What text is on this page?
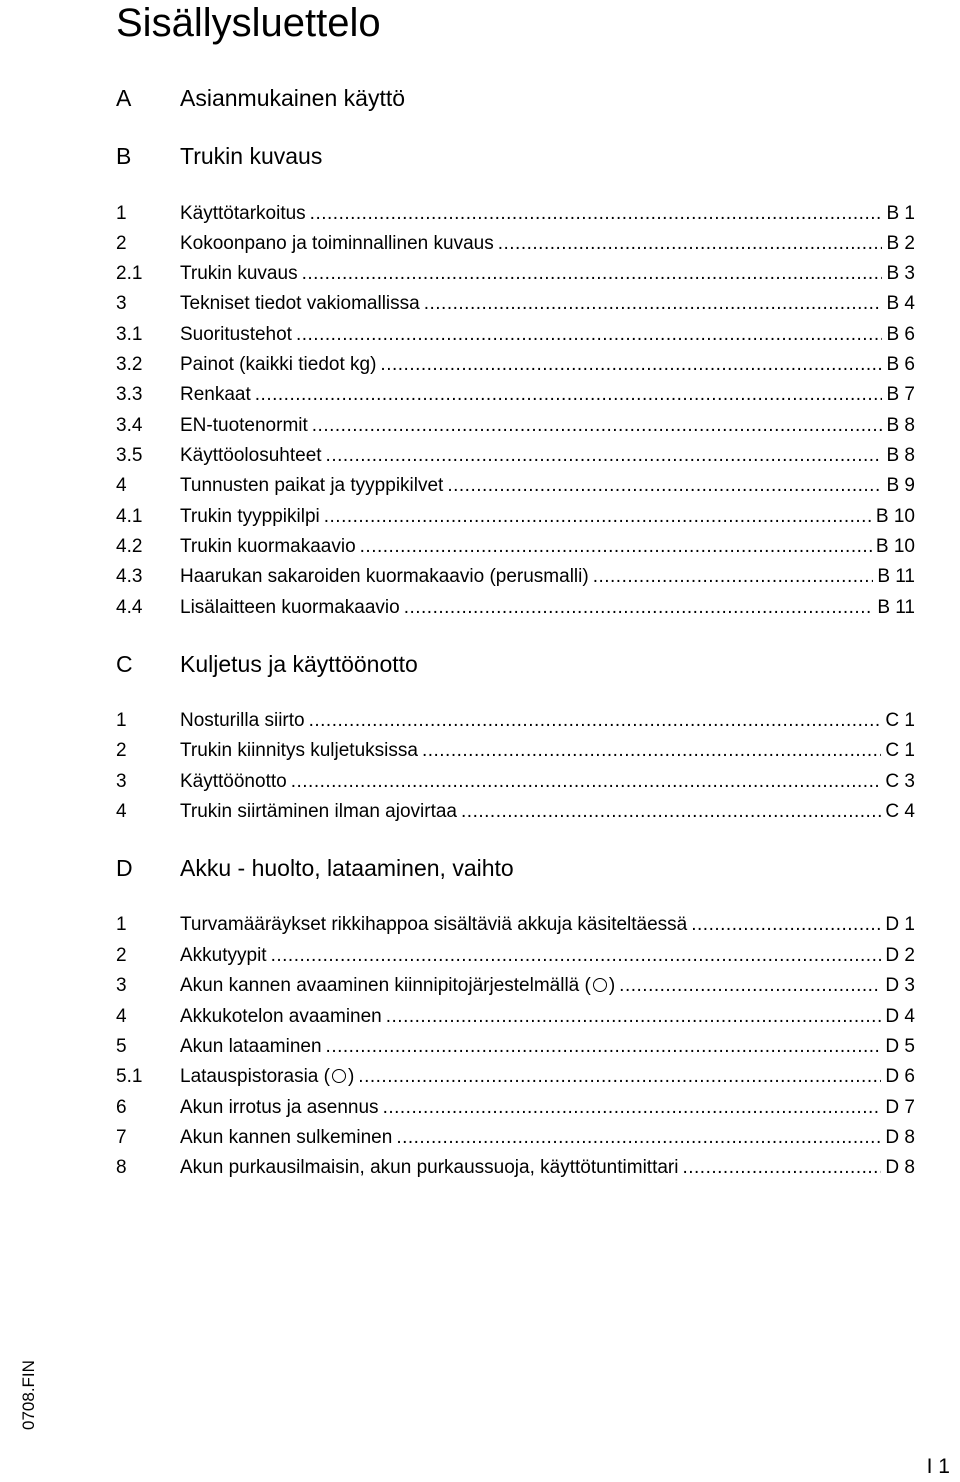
Sisällysluettelo
A Asianmukainen käyttö
B Trukin kuvaus
1	Käyttötarkoitus .....	B 1
2	Kokoonpano ja toiminnallinen kuvaus .....	B 2
2.1 Trukin kuvaus .....	B 3
3	Tekniset tiedot vakiomallissa .....	B 4
3.1 Suoritustehot .....	B 6
3.2 Painot (kaikki tiedot kg) .....	B 6
3.3 Renkaat .....	B 7
3.4 EN-tuotenormit .....	B 8
3.5 Käyttöolosuhteet .....	B 8
4	Tunnusten paikat ja tyyppikilvet .....	B 9
4.1 Trukin tyyppikilpi .....	B 10
4.2 Trukin kuormakaavio .....	B 10
4.3 Haarukan sakaroiden kuormakaavio (perusmalli) .....	B 11
4.4 Lisälaitteen kuormakaavio .....	B 11
C Kuljetus ja käyttöönotto
1	Nosturilla siirto .....	C 1
2	Trukin kiinnitys kuljetuksissa .....	C 1
3	Käyttöönotto .....	C 3
4	Trukin siirtäminen ilman ajovirtaa .....	C 4
D Akku - huolto, lataaminen, vaihto
1	Turvamääräykset rikkihappoa sisältäviä akkuja käsiteltäessä .....	D 1
2	Akkutyypit .....	D 2
3	Akun kannen avaaminen kiinnipitojärjestelmällä ( ) .....	D 3
4	Akkukotelon avaaminen .....	D 4
5	Akun lataaminen .....	D 5
5.1 Latauspistorasia ( ) .....	D 6
6	Akun irrotus ja asennus .....	D 7
7	Akun kannen sulkeminen .....	D 8
8	Akun purkausilmaisin, akun purkaussuoja, käyttötuntimittari .....	D 8
0708.FIN
I 1
